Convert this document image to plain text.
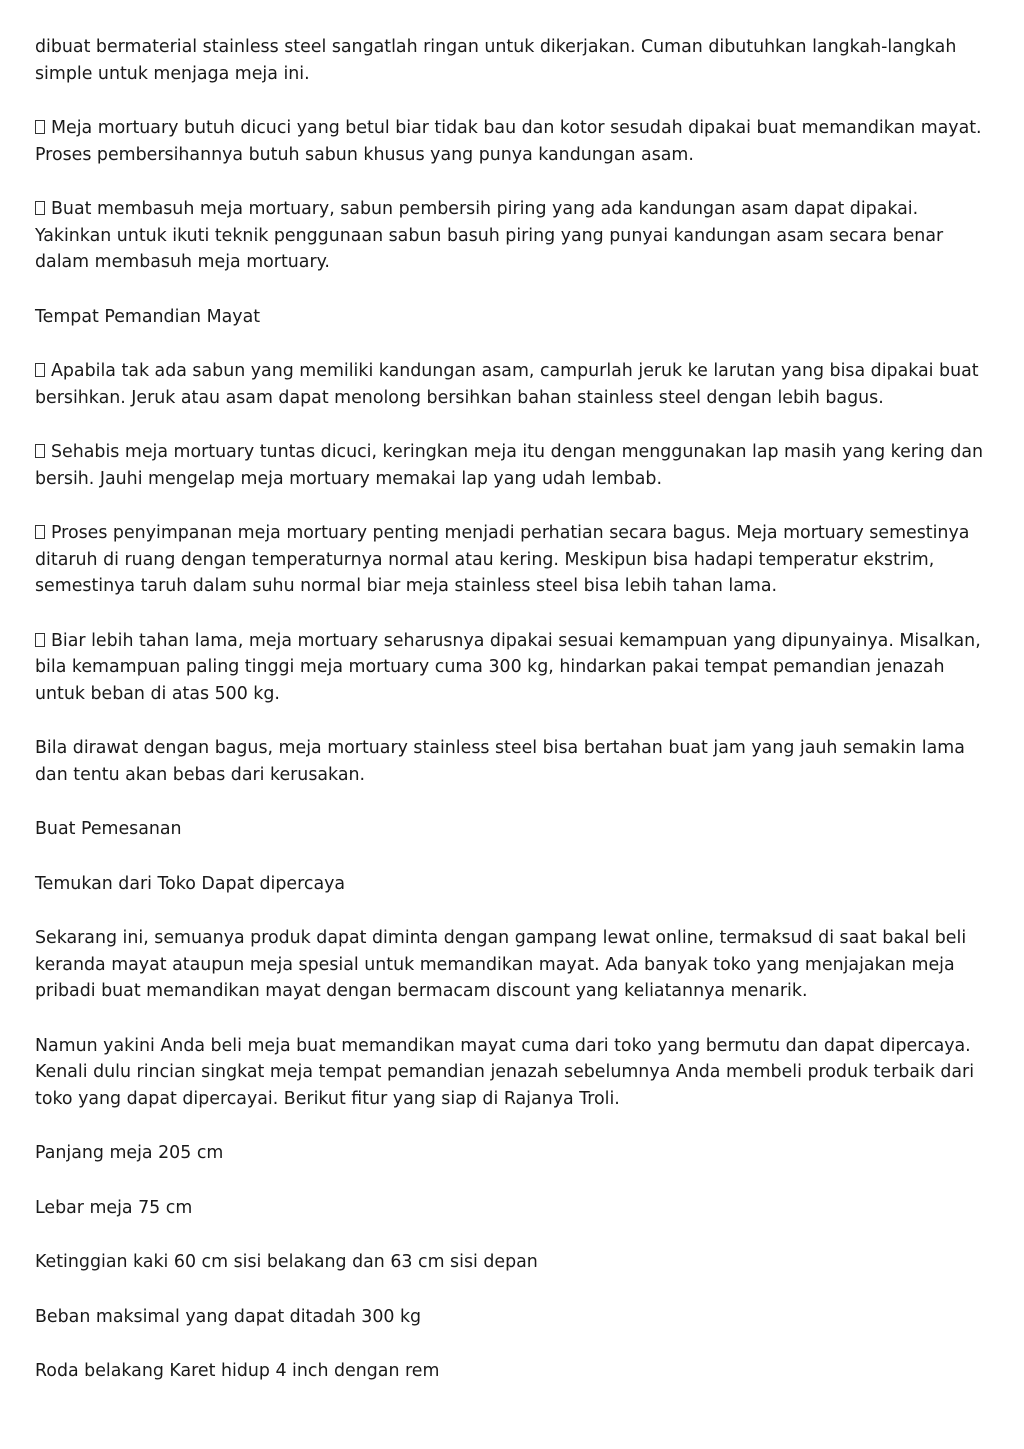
dibuat bermaterial stainless steel sangatlah ringan untuk dikerjakan. Cuman dibutuhkan langkah-langkah simple untuk menjaga meja ini.

Meja mortuary butuh dicuci yang betul biar tidak bau dan kotor sesudah dipakai buat memandikan mayat. Proses pembersihannya butuh sabun khusus yang punya kandungan asam.

Buat membasuh meja mortuary, sabun pembersih piring yang ada kandungan asam dapat dipakai. Yakinkan untuk ikuti teknik penggunaan sabun basuh piring yang punyai kandungan asam secara benar dalam membasuh meja mortuary.

Tempat Pemandian Mayat

Apabila tak ada sabun yang memiliki kandungan asam, campurlah jeruk ke larutan yang bisa dipakai buat bersihkan. Jeruk atau asam dapat menolong bersihkan bahan stainless steel dengan lebih bagus.

Sehabis meja mortuary tuntas dicuci, keringkan meja itu dengan menggunakan lap masih yang kering dan bersih. Jauhi mengelap meja mortuary memakai lap yang udah lembab.

Proses penyimpanan meja mortuary penting menjadi perhatian secara bagus. Meja mortuary semestinya ditaruh di ruang dengan temperaturnya normal atau kering. Meskipun bisa hadapi temperatur ekstrim, semestinya taruh dalam suhu normal biar meja stainless steel bisa lebih tahan lama.

Biar lebih tahan lama, meja mortuary seharusnya dipakai sesuai kemampuan yang dipunyainya. Misalkan, bila kemampuan paling tinggi meja mortuary cuma 300 kg, hindarkan pakai tempat pemandian jenazah untuk beban di atas 500 kg.

Bila dirawat dengan bagus, meja mortuary stainless steel bisa bertahan buat jam yang jauh semakin lama dan tentu akan bebas dari kerusakan.

Buat Pemesanan

Temukan dari Toko Dapat dipercaya

Sekarang ini, semuanya produk dapat diminta dengan gampang lewat online, termaksud di saat bakal beli keranda mayat ataupun meja spesial untuk memandikan mayat. Ada banyak toko yang menjajakan meja pribadi buat memandikan mayat dengan bermacam discount yang keliatannya menarik.

Namun yakini Anda beli meja buat memandikan mayat cuma dari toko yang bermutu dan dapat dipercaya. Kenali dulu rincian singkat meja tempat pemandian jenazah sebelumnya Anda membeli produk terbaik dari toko yang dapat dipercayai. Berikut fitur yang siap di Rajanya Troli.

Panjang meja 205 cm

Lebar meja 75 cm

Ketinggian kaki 60 cm sisi belakang dan 63 cm sisi depan

Beban maksimal yang dapat ditadah 300 kg

Roda belakang Karet hidup 4 inch dengan rem
